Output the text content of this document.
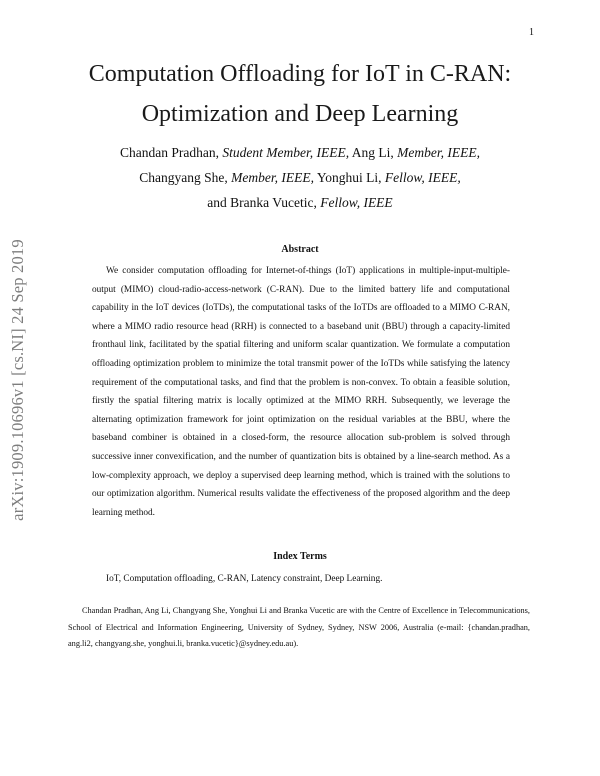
1
arXiv:1909.10696v1 [cs.NI] 24 Sep 2019
Computation Offloading for IoT in C-RAN:
Optimization and Deep Learning
Chandan Pradhan, Student Member, IEEE, Ang Li, Member, IEEE,
Changyang She, Member, IEEE, Yonghui Li, Fellow, IEEE,
and Branka Vucetic, Fellow, IEEE
Abstract

We consider computation offloading for Internet-of-things (IoT) applications in multiple-input-multiple-output (MIMO) cloud-radio-access-network (C-RAN). Due to the limited battery life and computational capability in the IoT devices (IoTDs), the computational tasks of the IoTDs are offloaded to a MIMO C-RAN, where a MIMO radio resource head (RRH) is connected to a baseband unit (BBU) through a capacity-limited fronthaul link, facilitated by the spatial filtering and uniform scalar quantization. We formulate a computation offloading optimization problem to minimize the total transmit power of the IoTDs while satisfying the latency requirement of the computational tasks, and find that the problem is non-convex. To obtain a feasible solution, firstly the spatial filtering matrix is locally optimized at the MIMO RRH. Subsequently, we leverage the alternating optimization framework for joint optimization on the residual variables at the BBU, where the baseband combiner is obtained in a closed-form, the resource allocation sub-problem is solved through successive inner convexification, and the number of quantization bits is obtained by a line-search method. As a low-complexity approach, we deploy a supervised deep learning method, which is trained with the solutions to our optimization algorithm. Numerical results validate the effectiveness of the proposed algorithm and the deep learning method.

Index Terms

IoT, Computation offloading, C-RAN, Latency constraint, Deep Learning.

Chandan Pradhan, Ang Li, Changyang She, Yonghui Li and Branka Vucetic are with the Centre of Excellence in Telecommunications, School of Electrical and Information Engineering, University of Sydney, Sydney, NSW 2006, Australia (e-mail: {chandan.pradhan, ang.li2, changyang.she, yonghui.li, branka.vucetic}@sydney.edu.au).
